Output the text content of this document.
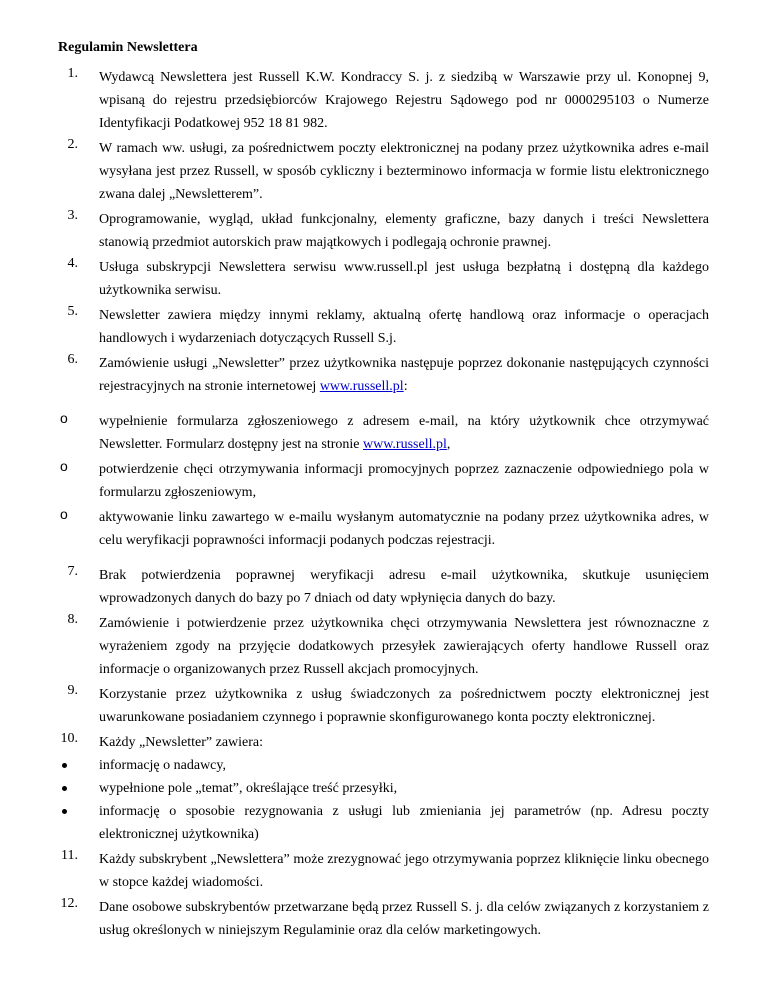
Regulamin Newslettera
1. Wydawcą Newslettera jest Russell K.W. Kondraccy S. j. z siedzibą w Warszawie przy ul. Konopnej 9, wpisaną do rejestru przedsiębiorców Krajowego Rejestru Sądowego pod nr 0000295103 o Numerze Identyfikacji Podatkowej 952 18 81 982.
2. W ramach ww. usługi, za pośrednictwem poczty elektronicznej na podany przez użytkownika adres e-mail wysyłana jest przez Russell, w sposób cykliczny i bezterminowo informacja w formie listu elektronicznego zwana dalej „Newsletterem”.
3. Oprogramowanie, wygląd, układ funkcjonalny, elementy graficzne, bazy danych i treści Newslettera stanowią przedmiot autorskich praw majątkowych i podlegają ochronie prawnej.
4. Usługa subskrypcji Newslettera serwisu www.russell.pl jest usługa bezpłatną i dostępną dla każdego użytkownika serwisu.
5. Newsletter zawiera między innymi reklamy, aktualną ofertę handlową oraz informacje o operacjach handlowych i wydarzeniach dotyczących Russell S.j.
6. Zamówienie usługi „Newsletter” przez użytkownika następuje poprzez dokonanie następujących czynności rejestracyjnych na stronie internetowej www.russell.pl:
o	wypełnienie formularza zgłoszeniowego z adresem e-mail, na który użytkownik chce otrzymywać Newsletter. Formularz dostępny jest na stronie www.russell.pl,
o	potwierdzenie chęci otrzymywania informacji promocyjnych poprzez zaznaczenie odpowiedniego pola w formularzu zgłoszeniowym,
o	aktywowanie linku zawartego w e-mailu wysłanym automatycznie na podany przez użytkownika adres, w celu weryfikacji poprawności informacji podanych podczas rejestracji.
7. Brak potwierdzenia poprawnej weryfikacji adresu e-mail użytkownika, skutkuje usunięciem wprowadzonych danych do bazy po 7 dniach od daty wpłynięcia danych do bazy.
8. Zamówienie i potwierdzenie przez użytkownika chęci otrzymywania Newslettera jest równoznaczne z wyrażeniem zgody na przyjęcie dodatkowych przesyłek zawierających oferty handlowe Russell oraz informacje o organizowanych przez Russell akcjach promocyjnych.
9. Korzystanie przez użytkownika z usług świadczonych za pośrednictwem poczty elektronicznej jest uwarunkowane posiadaniem czynnego i poprawnie skonfigurowanego konta poczty elektronicznej.
10. Każdy „Newsletter” zawiera:
informację o nadawcy,
wypełnione pole „temat”, określające treść przesyłki,
informację o sposobie rezygnowania z usługi lub zmieniania jej parametrów (np. Adresu poczty elektronicznej użytkownika)
11. Każdy subskrybent „Newslettera” może zrezygnować jego otrzymywania poprzez kliknięcie linku obecnego w stopce każdej wiadomości.
12. Dane osobowe subskrybentów przetwarzane będą przez Russell S. j. dla celów związanych z korzystaniem z usług określonych w niniejszym Regulaminie oraz dla celów marketingowych.
